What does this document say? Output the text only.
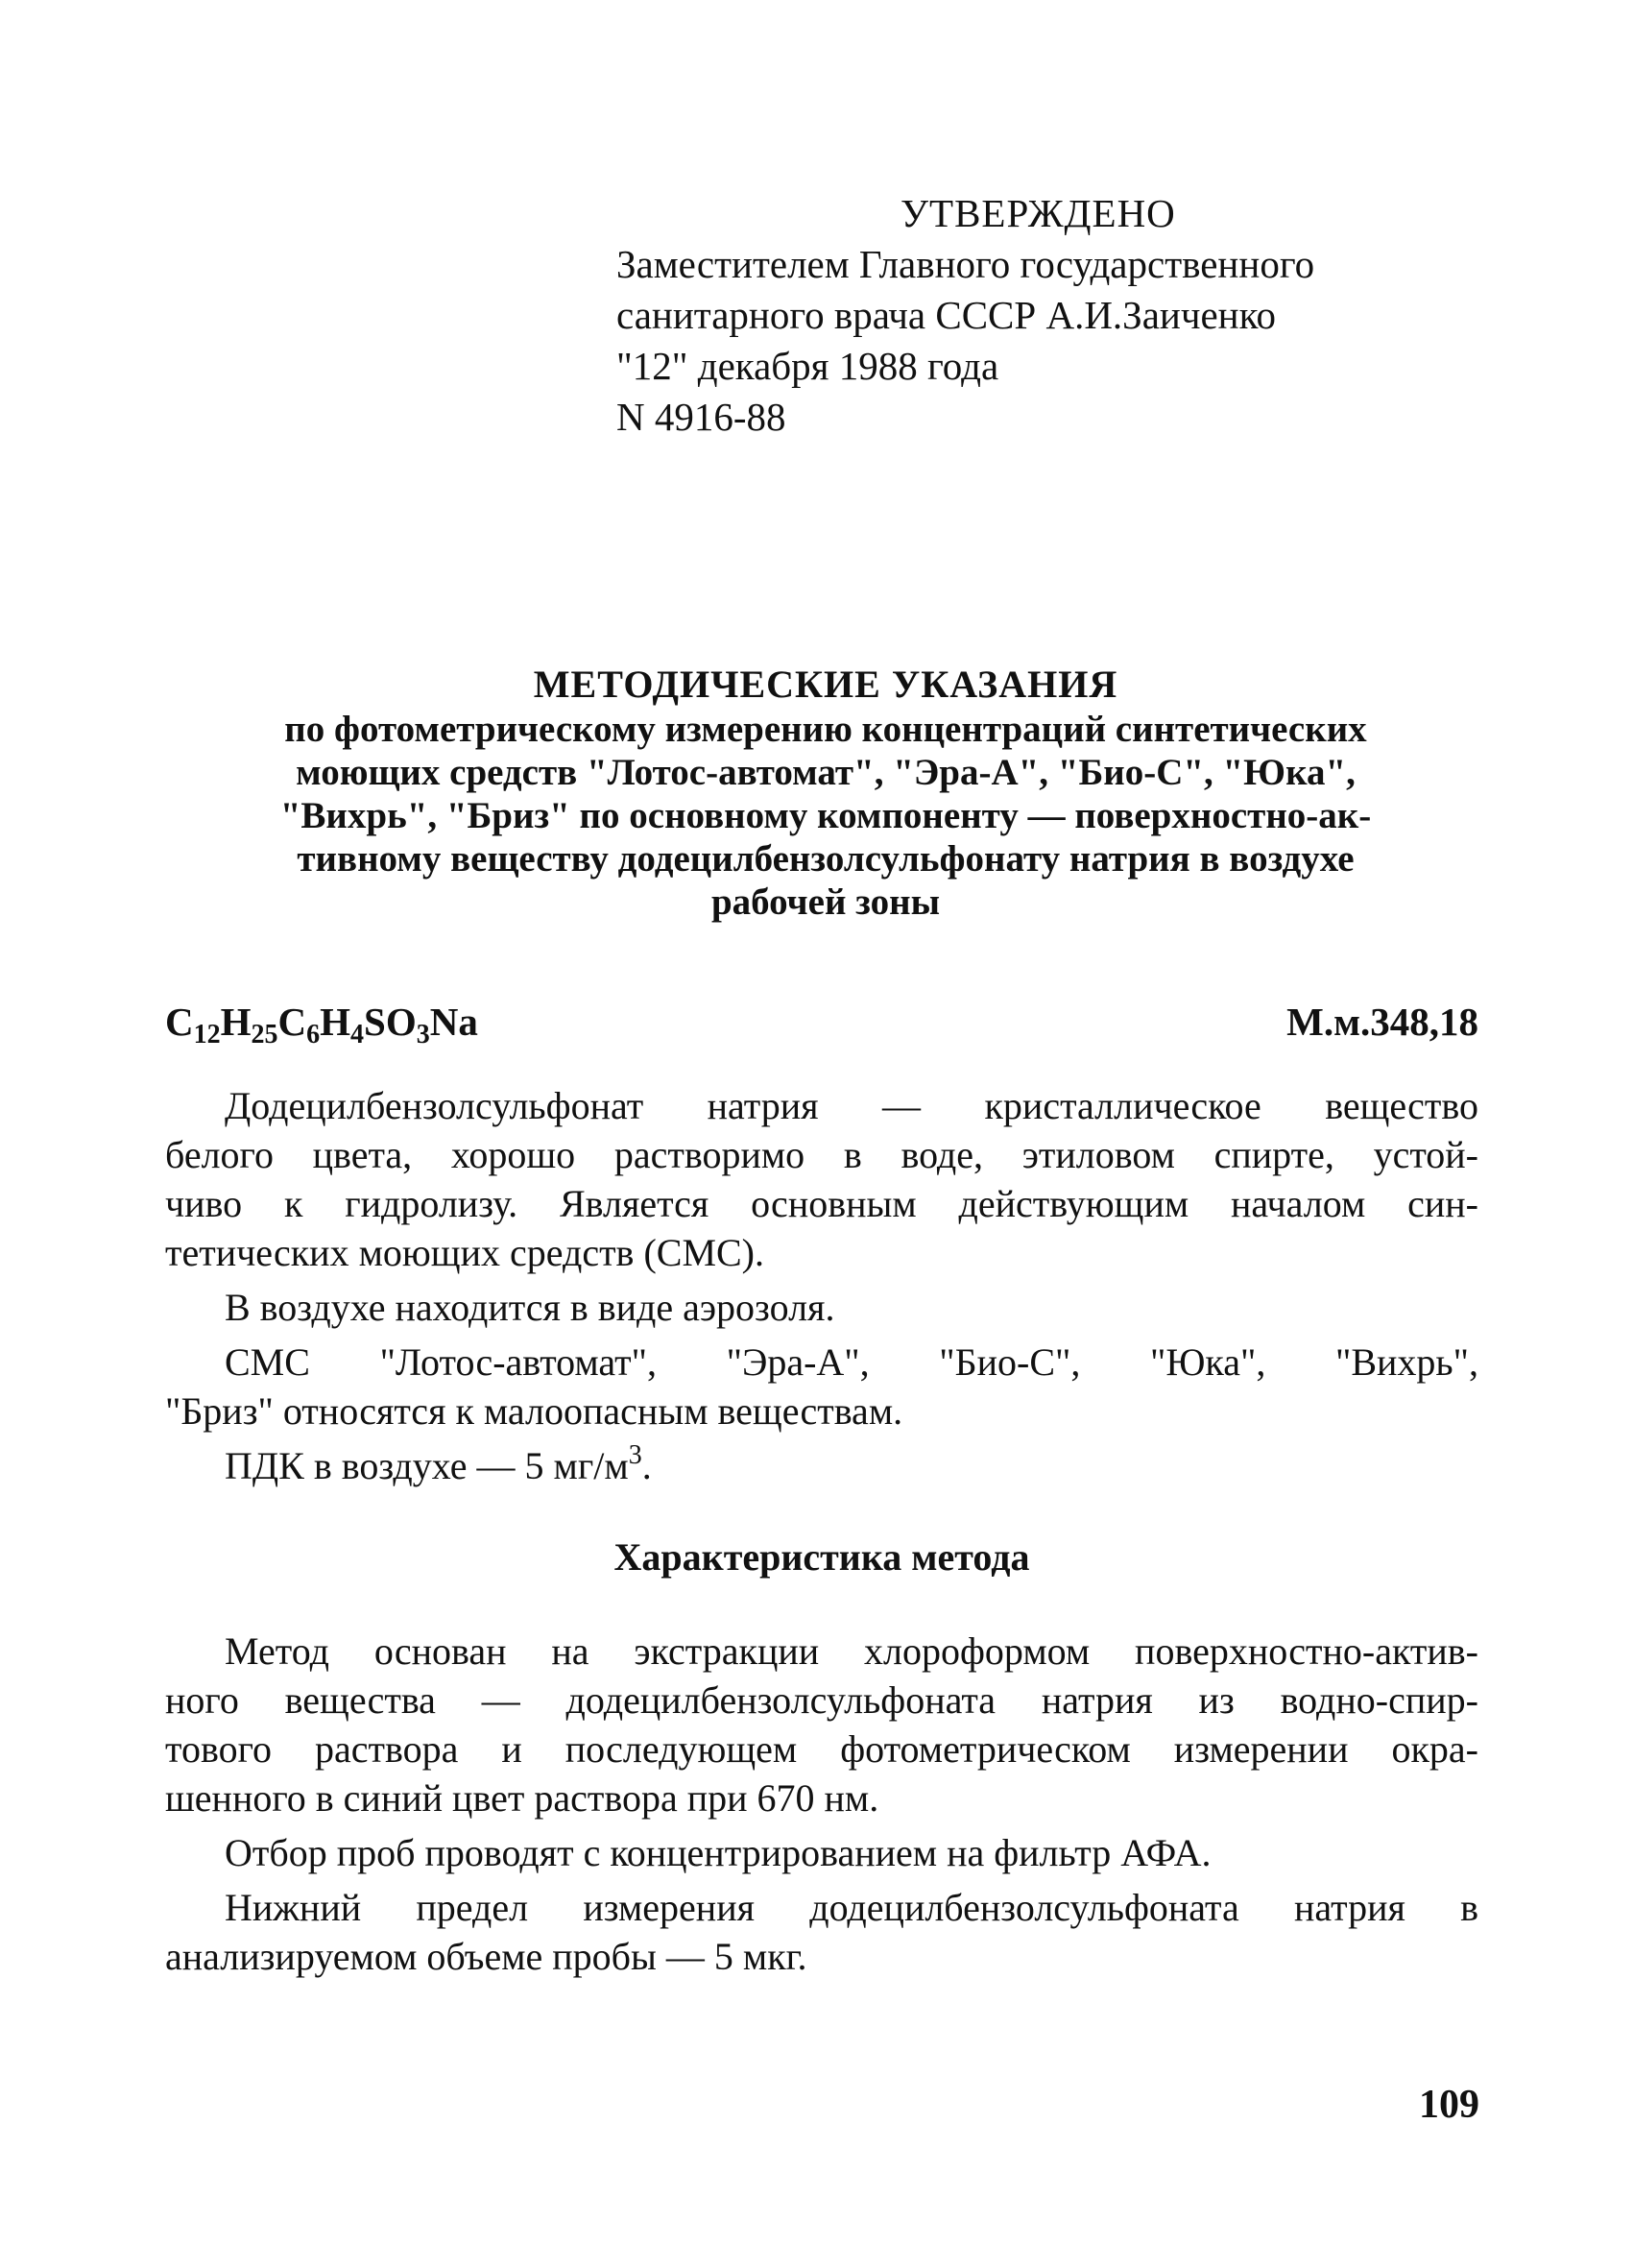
УТВЕРЖДЕНО
Заместителем Главного государственного
санитарного врача СССР А.И.Заиченко
"12" декабря 1988 года
N 4916-88
МЕТОДИЧЕСКИЕ УКАЗАНИЯ
по фотометрическому измерению концентраций синтетических
моющих средств "Лотос-автомат", "Эра-А", "Био-С", "Юка",
"Вихрь", "Бриз" по основному компоненту — поверхностно-ак-
тивному веществу додецилбензолсульфонату натрия в воздухе
рабочей зоны
$C_{12}H_{25}C_6H_4SO_3Na$	М.м.348,18

Додецилбензолсульфонат натрия — кристаллическое вещество
белого цвета, хорошо растворимо в воде, этиловом спирте, устой-
чиво к гидролизу. Является основным действующим началом син-
тетических моющих средств (СМС).

В воздухе находится в виде аэрозоля.

СМС "Лотос-автомат", "Эра-А", "Био-С", "Юка", "Вихрь",
"Бриз" относятся к малоопасным веществам.

ПДК в воздухе — 5 $мг/м^3$.

Характеристика метода

Метод основан на экстракции хлороформом поверхностно-актив-
ного вещества — додецилбензолсульфоната натрия из водно-спир-
тового раствора и последующем фотометрическом измерении окра-
шенного в синий цвет раствора при 670 нм.

Отбор проб проводят с концентрированием на фильтр АФА.

Нижний предел измерения додецилбензолсульфоната натрия в
анализируемом объеме пробы — 5 мкг.

109
